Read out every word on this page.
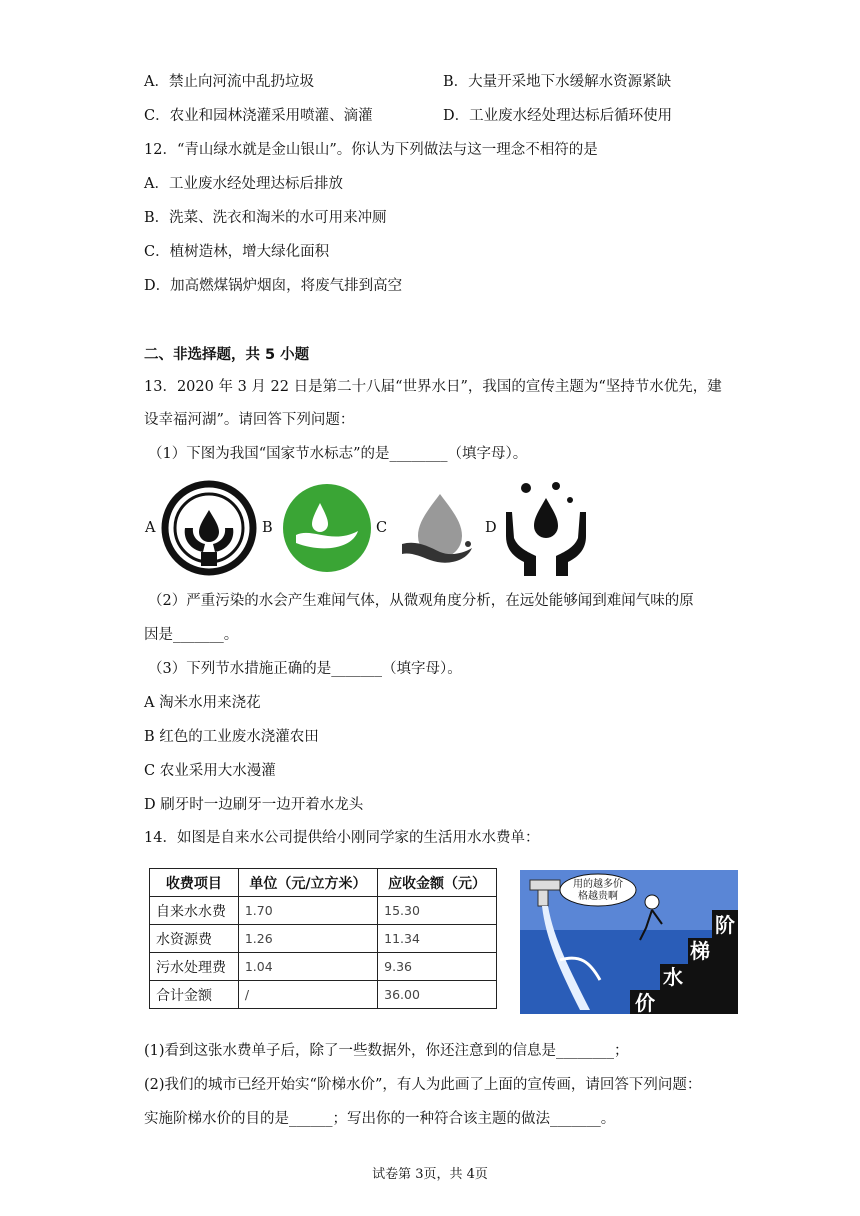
A．禁止向河流中乱扔垃圾	B．大量开采地下水缓解水资源紧缺
C．农业和园林浇灌采用喷灌、滴灌	D．工业废水经处理达标后循环使用
12．“青山绿水就是金山银山”。你认为下列做法与这一理念不相符的是
A．工业废水经处理达标后排放
B．洗菜、洗衣和淘米的水可用来冲厕
C．植树造林，增大绿化面积
D．加高燃煤锅炉烟囱，将废气排到高空
二、非选择题，共 5 小题
13．2020 年 3 月 22 日是第二十八届“世界水日”，我国的宣传主题为“坚持节水优先，建
设幸福河湖”。请回答下列问题：
（1）下图为我国“国家节水标志”的是________（填字母）。
A	B	C	D
（2）严重污染的水会产生难闻气体，从微观角度分析，在远处能够闻到难闻气味的原
因是_______。
（3）下列节水措施正确的是_______（填字母）。
A 淘米水用来浇花
B 红色的工业废水浇灌农田
C 农业采用大水漫灌
D 刷牙时一边刷牙一边开着水龙头
14．如图是自来水公司提供给小刚同学家的生活用水水费单：
收费项目	单位（元/立方米）	应收金额（元）
自来水水费	1.70	15.30
水资源费	1.26	11.34
污水处理费	1.04	9.36
合计金额	/	36.00
用的越多价
格越贵啊
价
水
梯
阶
(1)看到这张水费单子后，除了一些数据外，你还注意到的信息是________；
(2)我们的城市已经开始实“阶梯水价”，有人为此画了上面的宣传画，请回答下列问题：
实施阶梯水价的目的是______；写出你的一种符合该主题的做法_______。
试卷第 3页，共 4页
